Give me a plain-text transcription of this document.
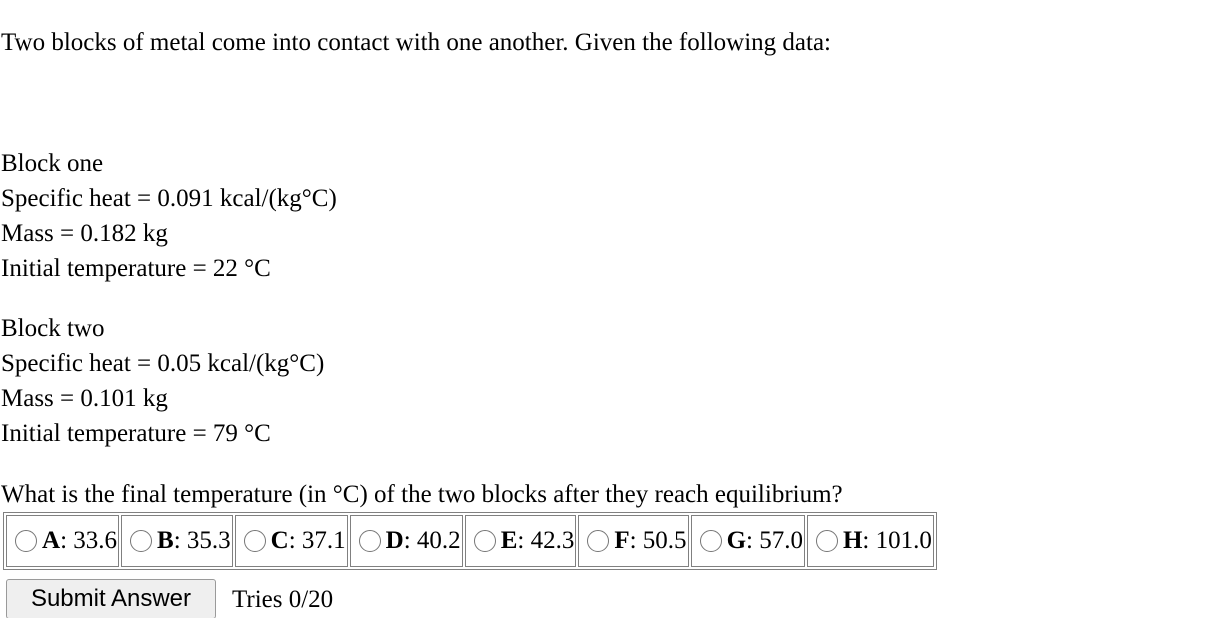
Two blocks of metal come into contact with one another. Given the following data:
Block one
Specific heat = 0.091 kcal/(kg°C)
Mass = 0.182 kg
Initial temperature = 22 °C
Block two
Specific heat = 0.05 kcal/(kg°C)
Mass = 0.101 kg
Initial temperature = 79 °C
What is the final temperature (in °C) of the two blocks after they reach equilibrium?
A : 33.6	B : 35.3	C : 37.1	D : 40.2	E : 42.3	F : 50.5	G : 57.0	H : 101.0
Submit Answer	Tries 0/20
